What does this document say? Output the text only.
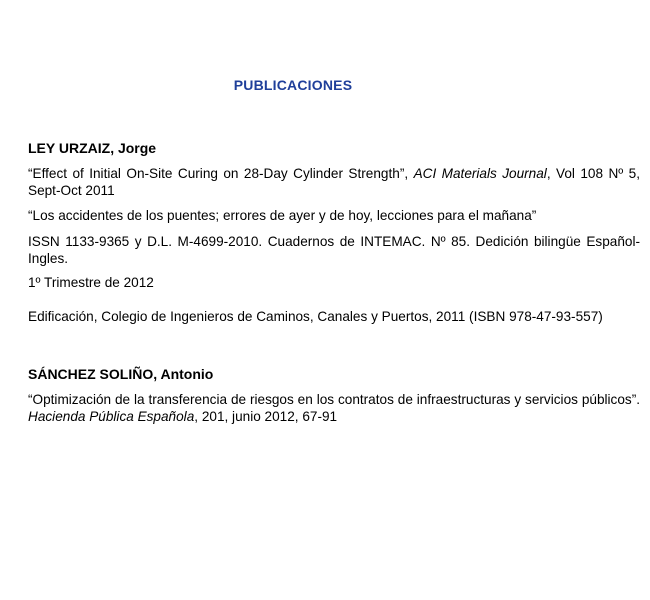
PUBLICACIONES
LEY URZAIZ, Jorge
“Effect of Initial On-Site Curing on 28-Day Cylinder Strength”, ACI Materials Journal, Vol 108 Nº 5, Sept-Oct 2011
“Los accidentes de los puentes; errores de ayer y de hoy, lecciones para el mañana”
ISSN 1133-9365 y D.L. M-4699-2010. Cuadernos de INTEMAC. Nº 85. Dedición bilingüe Español-Ingles.
1º Trimestre de 2012
Edificación, Colegio de Ingenieros de Caminos, Canales y Puertos, 2011 (ISBN 978-47-93-557)
SÁNCHEZ SOLIÑO, Antonio
“Optimización de la transferencia de riesgos en los contratos de infraestructuras y servicios públicos”. Hacienda Pública Española, 201, junio 2012, 67-91
